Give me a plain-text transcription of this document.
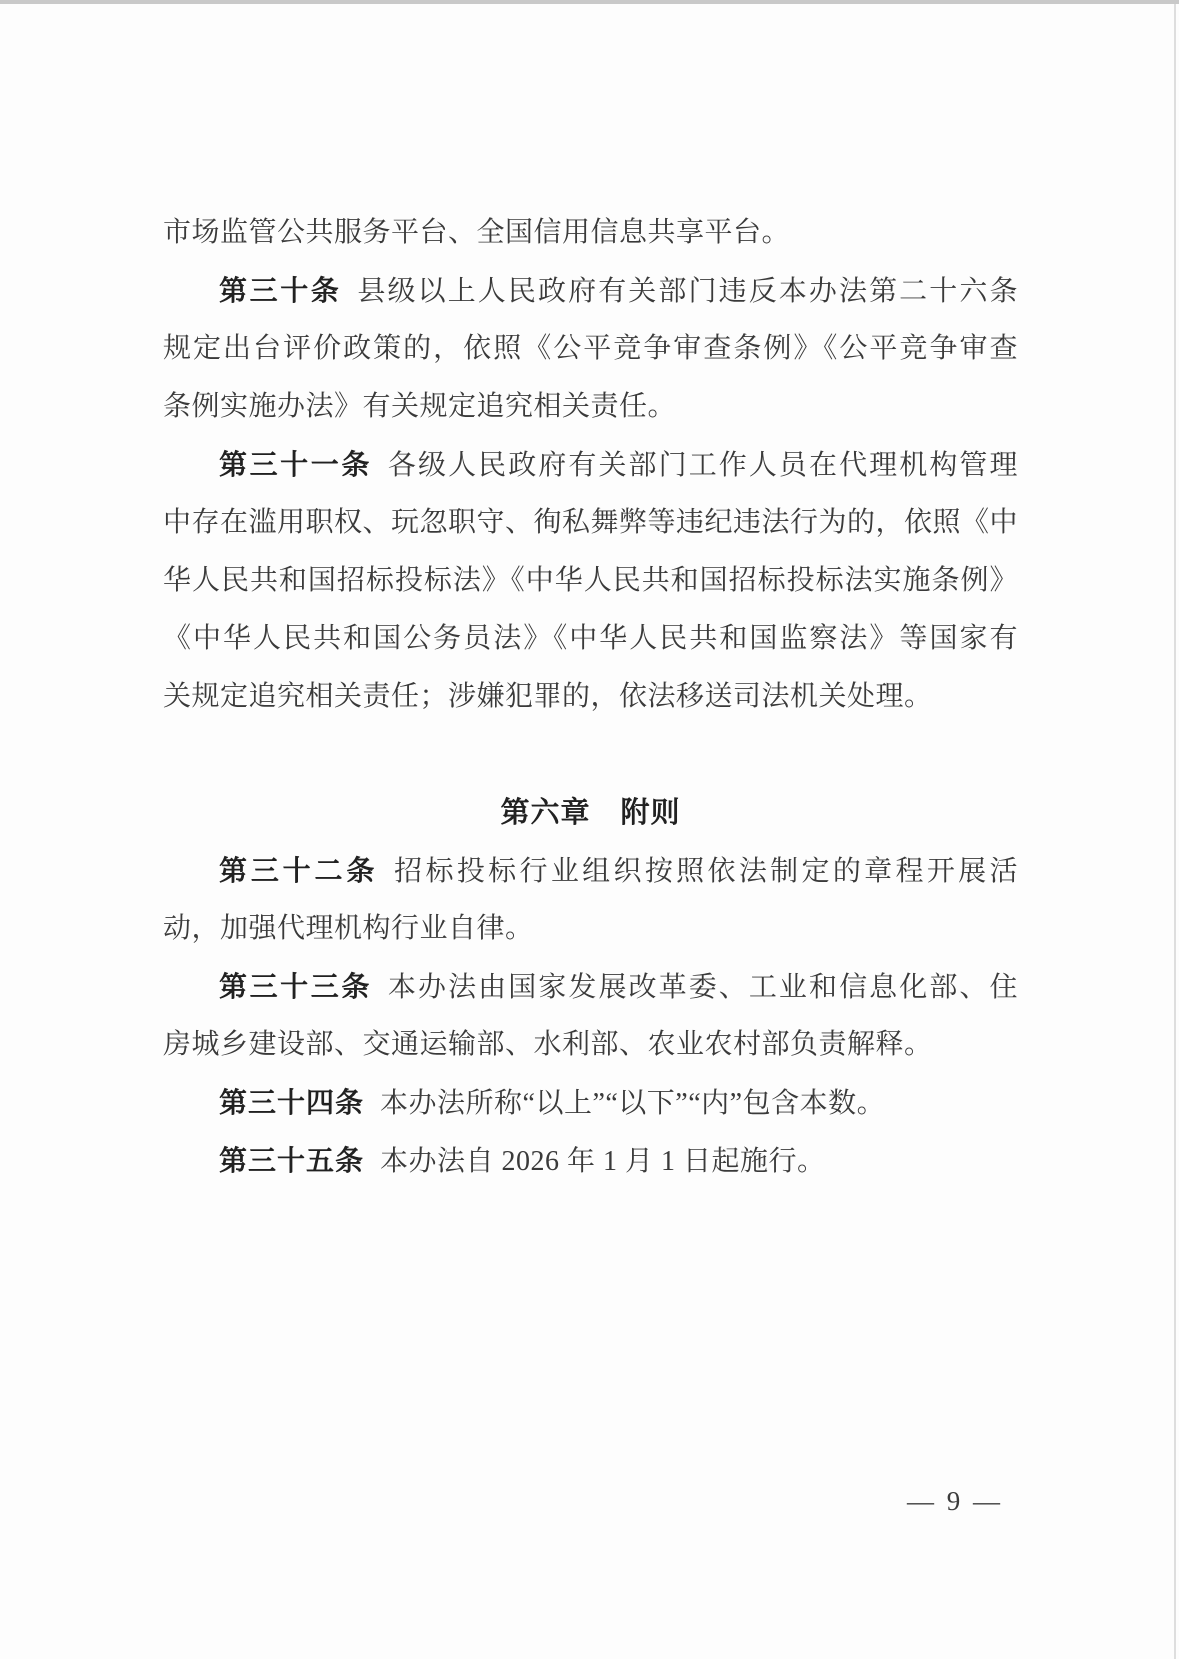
市场监管公共服务平台、全国信用信息共享平台。
第三十条 县级以上人民政府有关部门违反本办法第二十六条
规定出台评价政策的，依照《公平竞争审查条例》《公平竞争审查
条例实施办法》有关规定追究相关责任。
第三十一条 各级人民政府有关部门工作人员在代理机构管理
中存在滥用职权、玩忽职守、徇私舞弊等违纪违法行为的，依照《中
华人民共和国招标投标法》《中华人民共和国招标投标法实施条例》
《中华人民共和国公务员法》《中华人民共和国监察法》等国家有
关规定追究相关责任；涉嫌犯罪的，依法移送司法机关处理。
第六章　附则
第三十二条 招标投标行业组织按照依法制定的章程开展活
动，加强代理机构行业自律。
第三十三条 本办法由国家发展改革委、工业和信息化部、住
房城乡建设部、交通运输部、水利部、农业农村部负责解释。
第三十四条 本办法所称“以上”“以下”“内”包含本数。
第三十五条 本办法自 2026 年 1 月 1 日起施行。
— 9 —
